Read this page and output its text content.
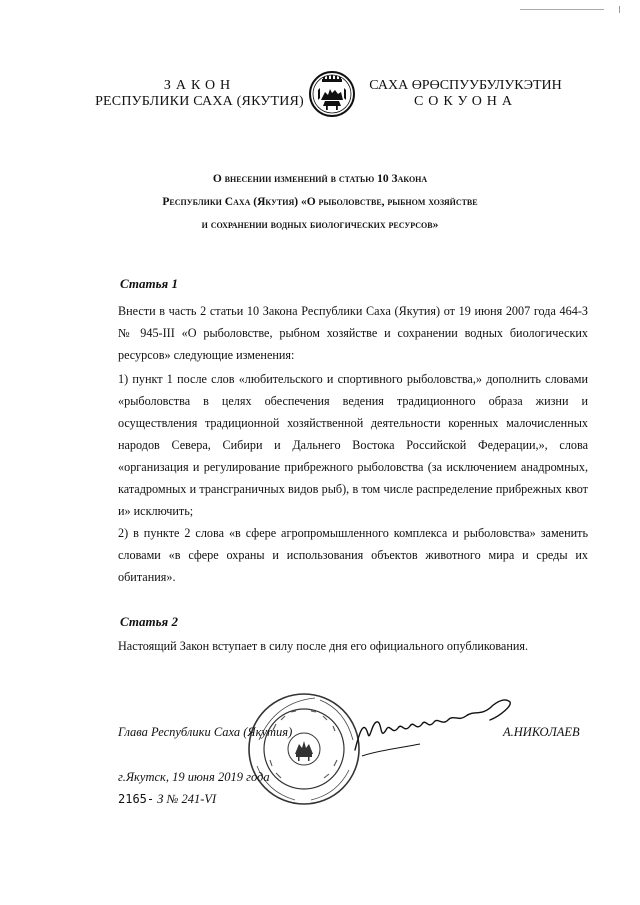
ЗАКОН
РЕСПУБЛИКИ САХА (ЯКУТИЯ)
САХА ӨРӨСПУУБУЛУКЭТИН
СОКУОНА
О внесении изменений в статью 10 Закона
Республики Саха (Якутия) «О рыболовстве, рыбном хозяйстве
и сохранении водных биологических ресурсов»
Статья 1
Внести в часть 2 статьи 10 Закона Республики Саха (Якутия) от 19 июня 2007 года 464-З № 945-III «О рыболовстве, рыбном хозяйстве и сохранении водных биологических ресурсов» следующие изменения:
1) пункт 1 после слов «любительского и спортивного рыболовства,» дополнить словами «рыболовства в целях обеспечения ведения традиционного образа жизни и осуществления традиционной хозяйственной деятельности коренных малочисленных народов Севера, Сибири и Дальнего Востока Российской Федерации,», слова «организация и регулирование прибрежного рыболовства (за исключением анадромных, катадромных и трансграничных видов рыб), в том числе распределение прибрежных квот и» исключить;
2) в пункте 2 слова «в сфере агропромышленного комплекса и рыболовства» заменить словами «в сфере охраны и использования объектов животного мира и среды их обитания».
Статья 2
Настоящий Закон вступает в силу после дня его официального опубликования.
Глава Республики Саха (Якутия)	А.НИКОЛАЕВ
г.Якутск, 19 июня 2019 года
2165- З № 241-VI
